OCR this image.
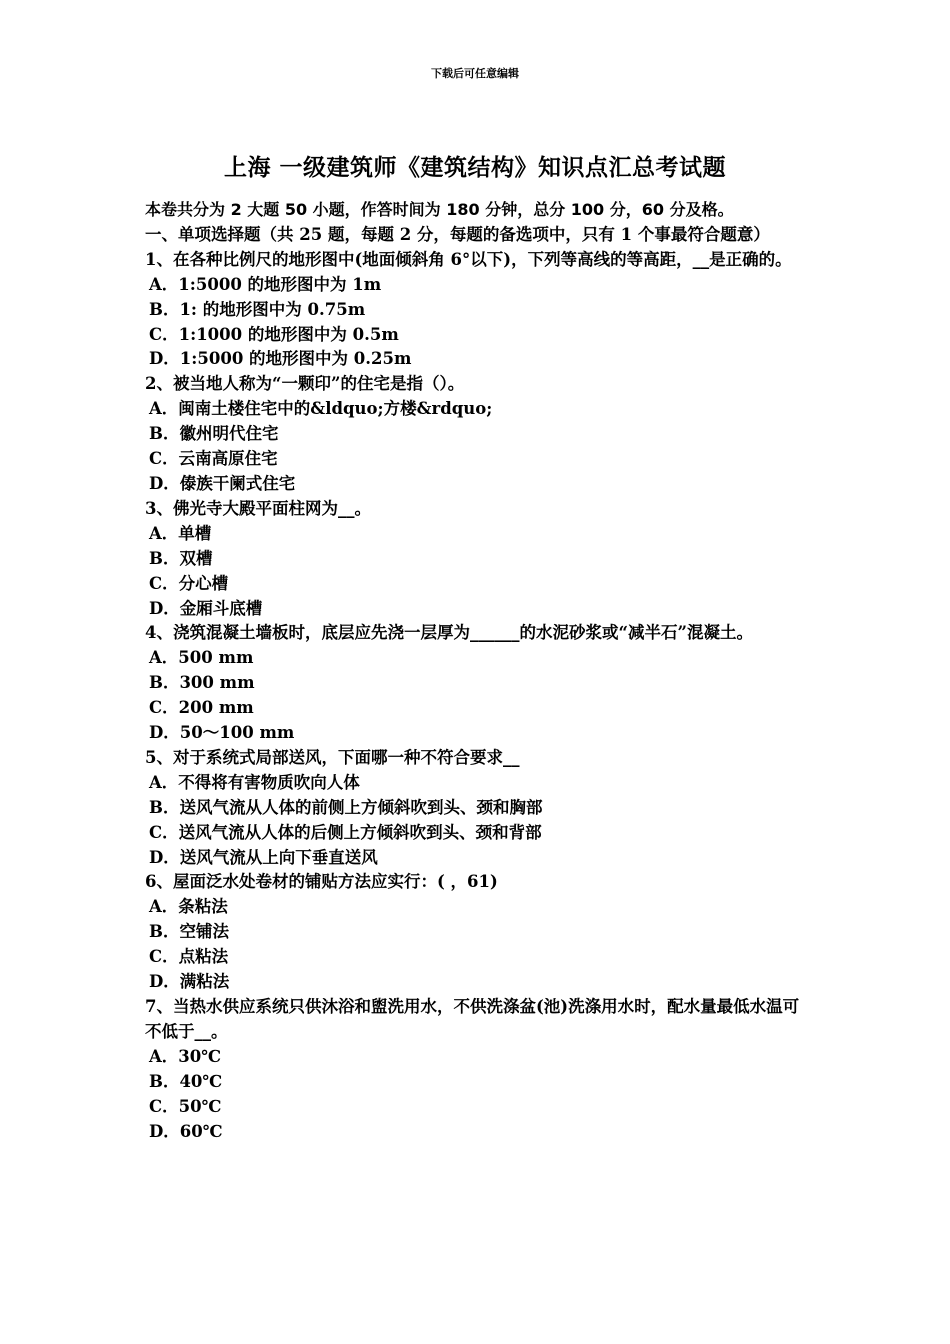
下载后可任意编辑
上海 一级建筑师《建筑结构》知识点汇总考试题

本卷共分为 2 大题 50 小题，作答时间为 180 分钟，总分 100 分，60 分及格。

一、单项选择题（共 25 题，每题 2 分，每题的备选项中，只有 1 个事最符合题意）

1、在各种比例尺的地形图中(地面倾斜角 6°以下)，下列等高线的等高距，__是正确的。

A．1:5000 的地形图中为 1m

B．1: 的地形图中为 0.75m

C．1:1000 的地形图中为 0.5m

D．1:5000 的地形图中为 0.25m

2、被当地人称为“一颗印”的住宅是指（）。

A．闽南土楼住宅中的&ldquo;方楼&rdquo;

B．徽州明代住宅

C．云南高原住宅

D．傣族干阑式住宅

3、佛光寺大殿平面柱网为__。

A．单槽

B．双槽

C．分心槽

D．金厢斗底槽

4、浇筑混凝土墙板时，底层应先浇一层厚为______的水泥砂浆或“减半石”混凝土。

A．500 mm

B．300 mm

C．200 mm

D．50～100 mm

5、对于系统式局部送风，下面哪一种不符合要求__

A．不得将有害物质吹向人体

B．送风气流从人体的前侧上方倾斜吹到头、颈和胸部

C．送风气流从人体的后侧上方倾斜吹到头、颈和背部

D．送风气流从上向下垂直送风

6、屋面泛水处卷材的铺贴方法应实行：( ，61)

A．条粘法

B．空铺法

C．点粘法

D．满粘法

7、当热水供应系统只供沐浴和盥洗用水，不供洗涤盆(池)洗涤用水时，配水量最低水温可不低于__。

A．30℃

B．40℃

C．50℃

D．60℃
